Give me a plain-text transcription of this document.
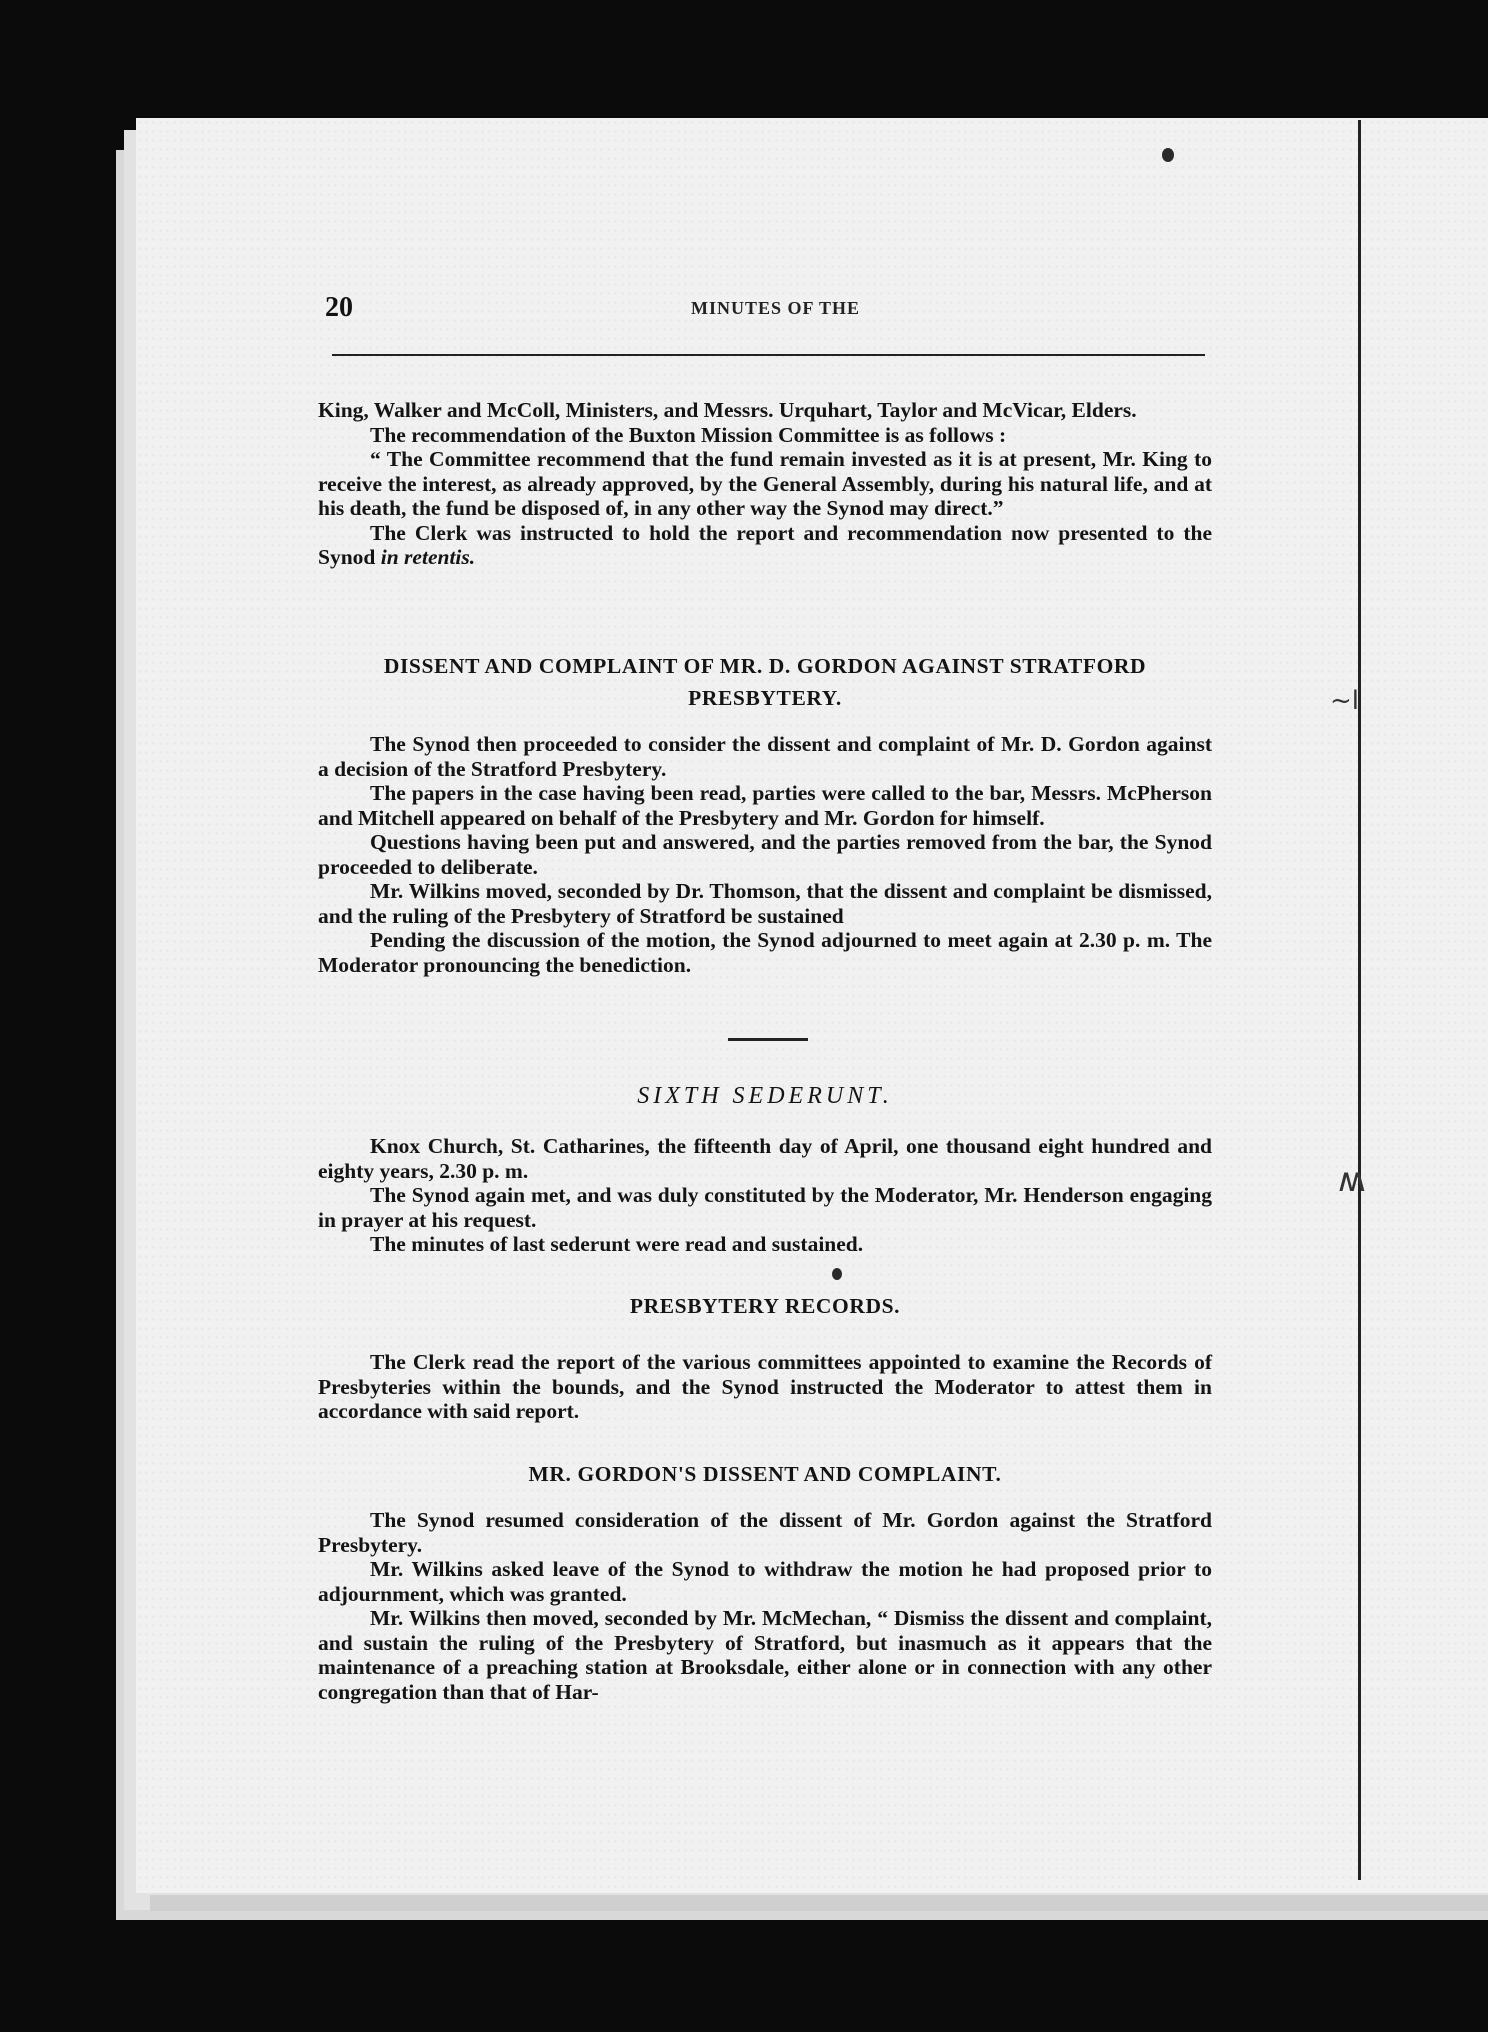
~l
ʍ
20	MINUTES OF THE

King, Walker and McColl, Ministers, and Messrs. Urquhart, Taylor and McVicar, Elders.

The recommendation of the Buxton Mission Committee is as follows :

“ The Committee recommend that the fund remain invested as it is at present, Mr. King to receive the interest, as already approved, by the General Assembly, during his natural life, and at his death, the fund be disposed of, in any other way the Synod may direct.”

The Clerk was instructed to hold the report and recommendation now presented to the Synod in retentis.

DISSENT AND COMPLAINT OF MR. D. GORDON AGAINST STRATFORD PRESBYTERY.

The Synod then proceeded to consider the dissent and complaint of Mr. D. Gordon against a decision of the Stratford Presbytery.

The papers in the case having been read, parties were called to the bar, Messrs. McPherson and Mitchell appeared on behalf of the Presbytery and Mr. Gordon for himself.

Questions having been put and answered, and the parties removed from the bar, the Synod proceeded to deliberate.

Mr. Wilkins moved, seconded by Dr. Thomson, that the dissent and complaint be dismissed, and the ruling of the Presbytery of Stratford be sustained

Pending the discussion of the motion, the Synod adjourned to meet again at 2.30 p. m. The Moderator pronouncing the benediction.

SIXTH SEDERUNT.

Knox Church, St. Catharines, the fifteenth day of April, one thousand eight hundred and eighty years, 2.30 p. m.

The Synod again met, and was duly constituted by the Moderator, Mr. Henderson engaging in prayer at his request.

The minutes of last sederunt were read and sustained.

PRESBYTERY RECORDS.

The Clerk read the report of the various committees appointed to examine the Records of Presbyteries within the bounds, and the Synod instructed the Moderator to attest them in accordance with said report.

MR. GORDON'S DISSENT AND COMPLAINT.

The Synod resumed consideration of the dissent of Mr. Gordon against the Stratford Presbytery.

Mr. Wilkins asked leave of the Synod to withdraw the motion he had proposed prior to adjournment, which was granted.

Mr. Wilkins then moved, seconded by Mr. McMechan, “ Dismiss the dissent and complaint, and sustain the ruling of the Presbytery of Stratford, but inasmuch as it appears that the maintenance of a preaching station at Brooksdale, either alone or in connection with any other congregation than that of Har-
